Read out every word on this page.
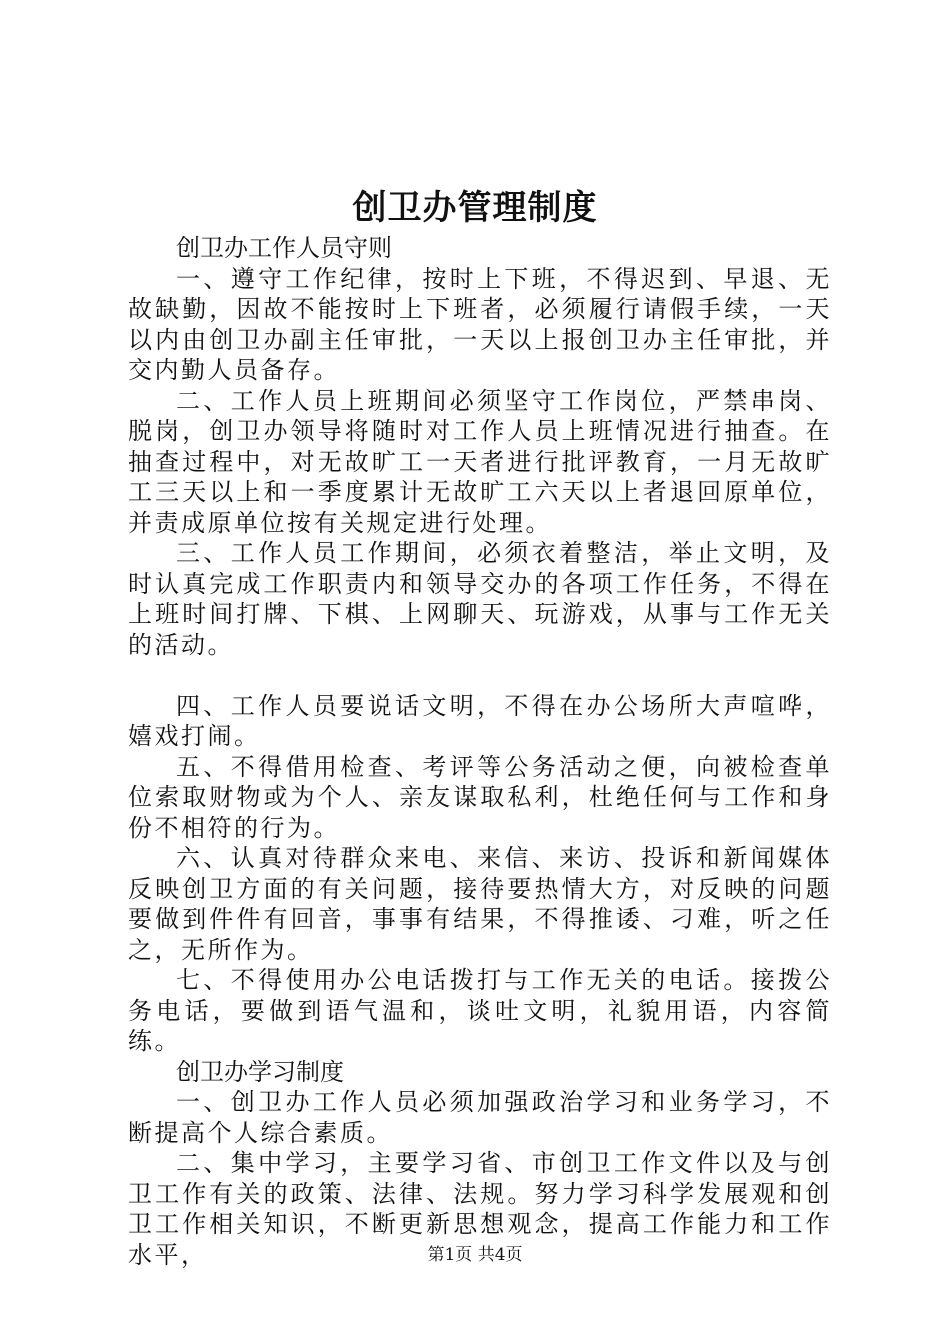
创卫办管理制度

创卫办工作人员守则

一、遵守工作纪律，按时上下班，不得迟到、早退、无故缺勤，因故不能按时上下班者，必须履行请假手续，一天以内由创卫办副主任审批，一天以上报创卫办主任审批，并交内勤人员备存。

二、工作人员上班期间必须坚守工作岗位，严禁串岗、脱岗，创卫办领导将随时对工作人员上班情况进行抽查。在抽查过程中，对无故旷工一天者进行批评教育，一月无故旷工三天以上和一季度累计无故旷工六天以上者退回原单位，并责成原单位按有关规定进行处理。

三、工作人员工作期间，必须衣着整洁，举止文明，及时认真完成工作职责内和领导交办的各项工作任务，不得在上班时间打牌、下棋、上网聊天、玩游戏，从事与工作无关的活动。

四、工作人员要说话文明，不得在办公场所大声喧哗，嬉戏打闹。

五、不得借用检查、考评等公务活动之便，向被检查单位索取财物或为个人、亲友谋取私利，杜绝任何与工作和身份不相符的行为。

六、认真对待群众来电、来信、来访、投诉和新闻媒体反映创卫方面的有关问题，接待要热情大方，对反映的问题要做到件件有回音，事事有结果，不得推诿、刁难，听之任之，无所作为。

七、不得使用办公电话拨打与工作无关的电话。接拨公务电话，要做到语气温和，谈吐文明，礼貌用语，内容简练。

创卫办学习制度

一、创卫办工作人员必须加强政治学习和业务学习，不断提高个人综合素质。

二、集中学习，主要学习省、市创卫工作文件以及与创卫工作有关的政策、法律、法规。努力学习科学发展观和创卫工作相关知识，不断更新思想观念，提高工作能力和工作水平，	第1页 共4页
